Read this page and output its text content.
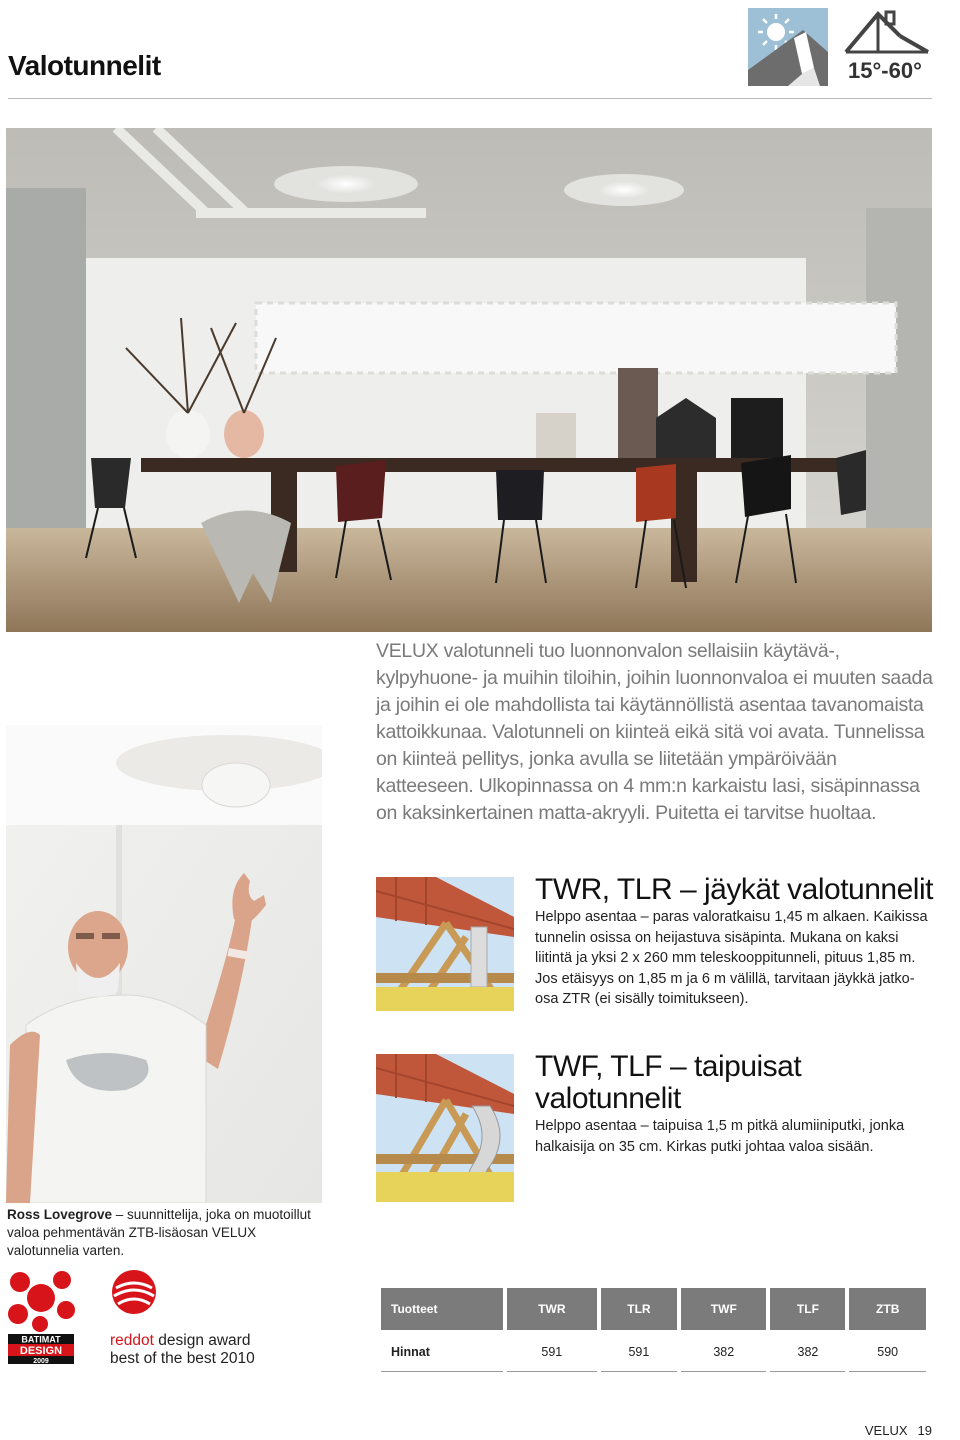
Valotunnelit	15°-60°
VELUX valotunneli tuo luonnonvalon sellaisiin käytävä-, kylpyhuone- ja muihin tiloihin, joihin luonnonvaloa ei muuten saada ja joihin ei ole mahdollista tai käytännöllistä asentaa tavanomaista kattoikkunaa. Valotunneli on kiinteä eikä sitä voi avata. Tunnelissa on kiinteä pellitys, jonka avulla se liitetään ympäröivään katteeseen. Ulkopinnassa on 4 mm:n karkaistu lasi, sisäpinnassa on kaksinkertainen matta-akryyli. Puitetta ei tarvitse huoltaa.
Ross Lovegrove – suunnittelija, joka on muotoillut valoa pehmentävän ZTB-lisäosan VELUX valotunnelia varten.
TWR, TLR – jäykät valotunnelit
Helppo asentaa – paras valoratkaisu 1,45 m alkaen. Kaikissa tunnelin osissa on heijastuva sisäpinta. Mukana on kaksi liitintä ja yksi 2 x 260 mm teleskooppitunneli, pituus 1,85 m. Jos etäisyys on 1,85 m ja 6 m välillä, tarvitaan jäykkä jatko-osa ZTR (ei sisälly toimitukseen).
TWF, TLF – taipuisat valotunnelit
Helppo asentaa – taipuisa 1,5 m pitkä alumiiniputki, jonka halkaisija on 35 cm. Kirkas putki johtaa valoa sisään.
BATIMAT
DESIGN
2009
reddot design award
best of the best 2010
Tuotteet	TWR	TLR	TWF	TLF	ZTB
Hinnat	591	591	382	382	590
VELUX 19
